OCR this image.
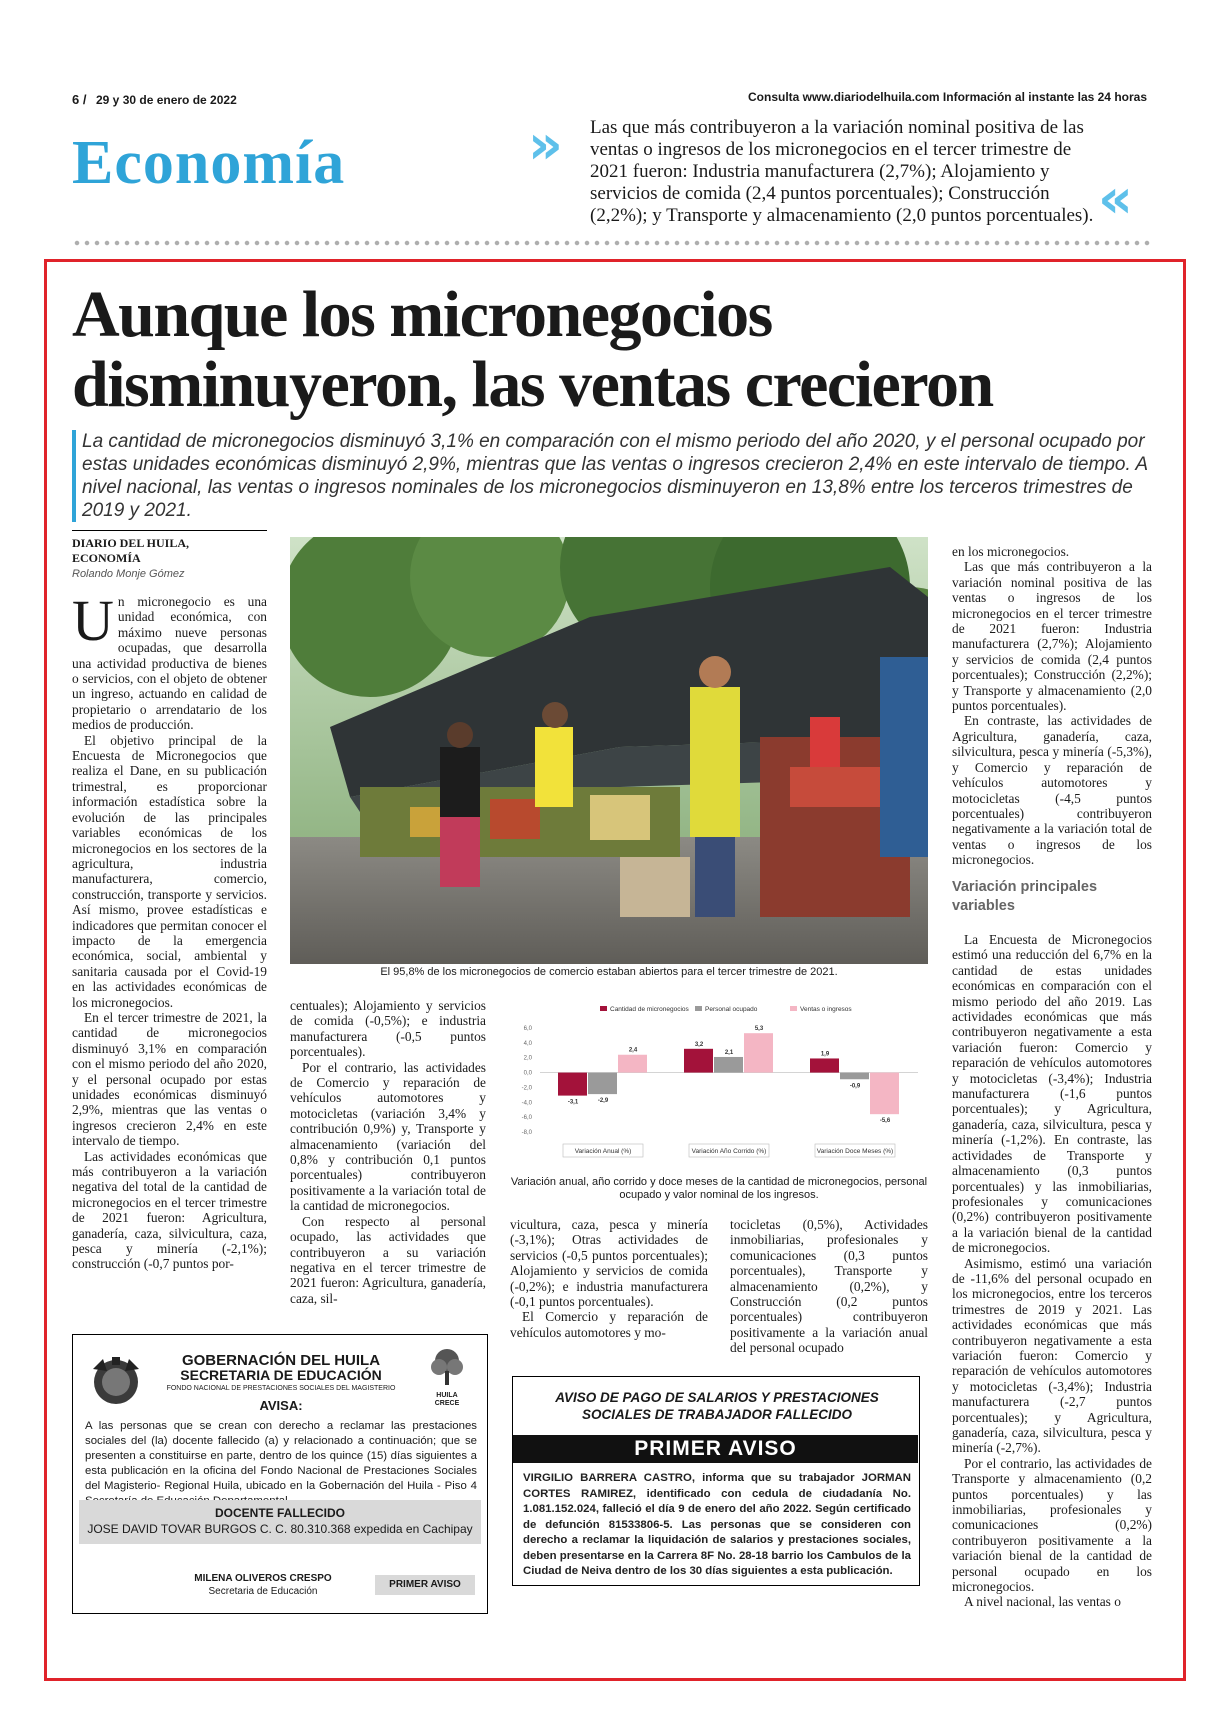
6 / 29 y 30 de enero de 2022	Consulta www.diariodelhuila.com Información al instante las 24 horas
Economía	» Las que más contribuyeron a la variación nominal positiva de las ventas o ingresos de los micronegocios en el tercer trimestre de 2021 fueron: Industria manufacturera (2,7%); Alojamiento y servicios de comida (2,4 puntos porcentuales); Construcción (2,2%); y Transporte y almacenamiento (2,0 puntos porcentuales). «
Aunque los micronegocios
disminuyeron, las ventas crecieron
La cantidad de micronegocios disminuyó 3,1% en comparación con el mismo periodo del año 2020, y el personal ocupado por estas unidades económicas disminuyó 2,9%, mientras que las ventas o ingresos crecieron 2,4% en este intervalo de tiempo. A nivel nacional, las ventas o ingresos nominales de los micronegocios disminuyeron en 13,8% entre los terceros trimestres de 2019 y 2021.
DIARIO DEL HUILA,
ECONOMÍA
Rolando Monje Gómez

Un micronegocio es una unidad económica, con máximo nueve personas ocupadas, que desarrolla una actividad productiva de bienes o servicios, con el objeto de obtener un ingreso, actuando en calidad de propietario o arrendatario de los medios de producción.

El objetivo principal de la Encuesta de Micronegocios que realiza el Dane, en su publicación trimestral, es proporcionar información estadística sobre la evolución de las principales variables económicas de los micronegocios en los sectores de la agricultura, industria manufacturera, comercio, construcción, transporte y servicios. Así mismo, provee estadísticas e indicadores que permitan conocer el impacto de la emergencia económica, social, ambiental y sanitaria causada por el Covid-19 en las actividades económicas de los micronegocios.

En el tercer trimestre de 2021, la cantidad de micronegocios disminuyó 3,1% en comparación con el mismo periodo del año 2020, y el personal ocupado por estas unidades económicas disminuyó 2,9%, mientras que las ventas o ingresos crecieron 2,4% en este intervalo de tiempo.

Las actividades económicas que más contribuyeron a la variación negativa del total de la cantidad de micronegocios en el tercer trimestre de 2021 fueron: Agricultura, ganadería, caza, silvicultura, caza, pesca y minería (-2,1%); construcción (-0,7 puntos por-

El 95,8% de los micronegocios de comercio estaban abiertos para el tercer trimestre de 2021.

centuales); Alojamiento y servicios de comida (-0,5%); e industria manufacturera (-0,5 puntos porcentuales).

Por el contrario, las actividades de Comercio y reparación de vehículos automotores y motocicletas (variación 3,4% y contribución 0,9%) y, Transporte y almacenamiento (variación del 0,8% y contribución 0,1 puntos porcentuales) contribuyeron positivamente a la variación total de la cantidad de micronegocios.

Con respecto al personal ocupado, las actividades que contribuyeron a su variación negativa en el tercer trimestre de 2021 fueron: Agricultura, ganadería, caza, sil-

Cantidad de micronegocios Personal ocupado	Ventas o ingresos
6,0
4,0
2,0
0,0
-2,0
-4,0
-6,0
-8,0
-3,1	-2,9
2,4
Variación Anual (%)
3,2
2,1
5,3
Variación Año Corrido (%)
1,9
-0,9
-5,6
Variación Doce Meses (%)
Variación anual, año corrido y doce meses de la cantidad de micronegocios, personal ocupado y valor nominal de los ingresos.

vicultura, caza, pesca y minería (-3,1%); Otras actividades de servicios (-0,5 puntos porcentuales); Alojamiento y servicios de comida (-0,2%); e industria manufacturera (-0,1 puntos porcentuales).

El Comercio y reparación de vehículos automotores y mo-

tocicletas (0,5%), Actividades inmobiliarias, profesionales y comunicaciones (0,3 puntos porcentuales), Transporte y almacenamiento (0,2%), y Construcción (0,2 puntos porcentuales) contribuyeron positivamente a la variación anual del personal ocupado

en los micronegocios.

Las que más contribuyeron a la variación nominal positiva de las ventas o ingresos de los micronegocios en el tercer trimestre de 2021 fueron: Industria manufacturera (2,7%); Alojamiento y servicios de comida (2,4 puntos porcentuales); Construcción (2,2%); y Transporte y almacenamiento (2,0 puntos porcentuales).

En contraste, las actividades de Agricultura, ganadería, caza, silvicultura, pesca y minería (-5,3%), y Comercio y reparación de vehículos automotores y motocicletas (-4,5 puntos porcentuales) contribuyeron negativamente a la variación total de ventas o ingresos de los micronegocios.

Variación principales variables

La Encuesta de Micronegocios estimó una reducción del 6,7% en la cantidad de estas unidades económicas en comparación con el mismo periodo del año 2019. Las actividades económicas que más contribuyeron negativamente a esta variación fueron: Comercio y reparación de vehículos automotores y motocicletas (-3,4%); Industria manufacturera (-1,6 puntos porcentuales); y Agricultura, ganadería, caza, silvicultura, pesca y minería (-1,2%). En contraste, las actividades de Transporte y almacenamiento (0,3 puntos porcentuales) y las inmobiliarias, profesionales y comunicaciones (0,2%) contribuyeron positivamente a la variación bienal de la cantidad de micronegocios.

Asimismo, estimó una variación de -11,6% del personal ocupado en los micronegocios, entre los terceros trimestres de 2019 y 2021. Las actividades económicas que más contribuyeron negativamente a esta variación fueron: Comercio y reparación de vehículos automotores y motocicletas (-3,4%); Industria manufacturera (-2,7 puntos porcentuales); y Agricultura, ganadería, caza, silvicultura, pesca y minería (-2,7%).

Por el contrario, las actividades de Transporte y almacenamiento (0,2 puntos porcentuales) y las inmobiliarias, profesionales y comunicaciones (0,2%) contribuyeron positivamente a la variación bienal de la cantidad de personal ocupado en los micronegocios.

A nivel nacional, las ventas o

GOBERNACIÓN DEL HUILA
SECRETARIA DE EDUCACIÓN
FONDO NACIONAL DE PRESTACIONES SOCIALES DEL MAGISTERIO
HUILA CRECE
AVISA:
A las personas que se crean con derecho a reclamar las prestaciones sociales del (la) docente fallecido (a) y relacionado a continuación; que se presenten a constituirse en parte, dentro de los quince (15) días siguientes a esta publicación en la oficina del Fondo Nacional de Prestaciones Sociales del Magisterio- Regional Huila, ubicado en la Gobernación del Huila - Piso 4
DOCENTE FALLECIDO
JOSE DAVID TOVAR BURGOS C. C. 80.310.368 expedida en Cachipay
MILENA OLIVEROS CRESPO
Secretaria de Educación
PRIMER AVISO
AVISO DE PAGO DE SALARIOS Y PRESTACIONES
SOCIALES DE TRABAJADOR FALLECIDO
PRIMER AVISO
VIRGILIO BARRERA CASTRO, informa que su trabajador JORMAN CORTES RAMIREZ, identificado con cedula de ciudadanía No. 1.081.152.024, falleció el día 9 de enero del año 2022. Según certificado de defunción 81533806-5. Las personas que se consideren con derecho a reclamar la liquidación de salarios y prestaciones sociales, deben presentarse en la Carrera 8F No. 28-18 barrio los Cambulos de la Ciudad de Neiva dentro de los 30 días siguientes a esta publicación.
